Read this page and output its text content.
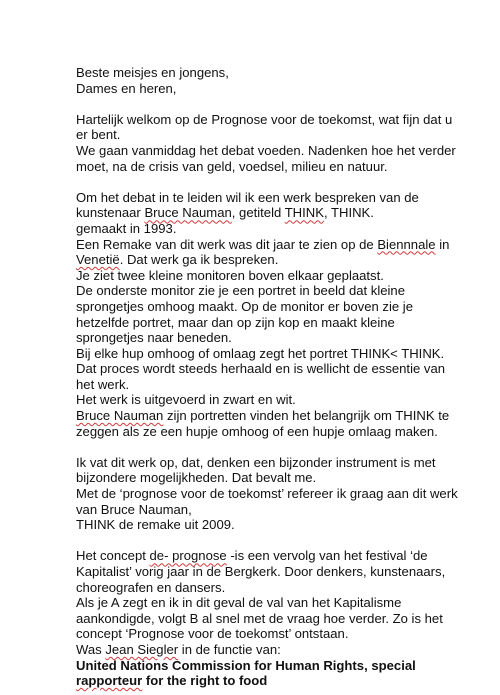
Beste meisjes en jongens,
Dames en heren,
Hartelijk welkom op de Prognose voor de toekomst, wat fijn dat u
er bent.
We gaan vanmiddag het debat voeden. Nadenken hoe het verder
moet, na de crisis van geld, voedsel, milieu en natuur.
Om het debat in te leiden wil ik een werk bespreken van de
kunstenaar Bruce Nauman, getiteld THINK, THINK.
gemaakt in 1993.
Een Remake van dit werk was dit jaar te zien op de Biennnale in
Venetië. Dat werk ga ik bespreken.
Je ziet twee kleine monitoren boven elkaar geplaatst.
De onderste monitor zie je een portret in beeld dat kleine
sprongetjes omhoog maakt. Op de monitor er boven zie je
hetzelfde portret, maar dan op zijn kop en maakt kleine
sprongetjes naar beneden.
Bij elke hup omhoog of omlaag zegt het portret THINK< THINK.
Dat proces wordt steeds herhaald en is wellicht de essentie van
het werk.
Het werk is uitgevoerd in zwart en wit.
Bruce Nauman zijn portretten vinden het belangrijk om THINK te
zeggen als ze een hupje omhoog of een hupje omlaag maken.
Ik vat dit werk op, dat, denken een bijzonder instrument is met
bijzondere mogelijkheden. Dat bevalt me.
Met de ‘prognose voor de toekomst’ refereer ik graag aan dit werk
van Bruce Nauman,
THINK de remake uit 2009.
Het concept de- prognose -is een vervolg van het festival ‘de
Kapitalist’ vorig jaar in de Bergkerk. Door denkers, kunstenaars,
choreografen en dansers.
Als je A zegt en ik in dit geval de val van het Kapitalisme
aankondigde, volgt B al snel met de vraag hoe verder. Zo is het
concept ‘Prognose voor de toekomst’ ontstaan.
Was Jean Siegler in de functie van:
United Nations Commission for Human Rights, special
rapporteur for the right to food
